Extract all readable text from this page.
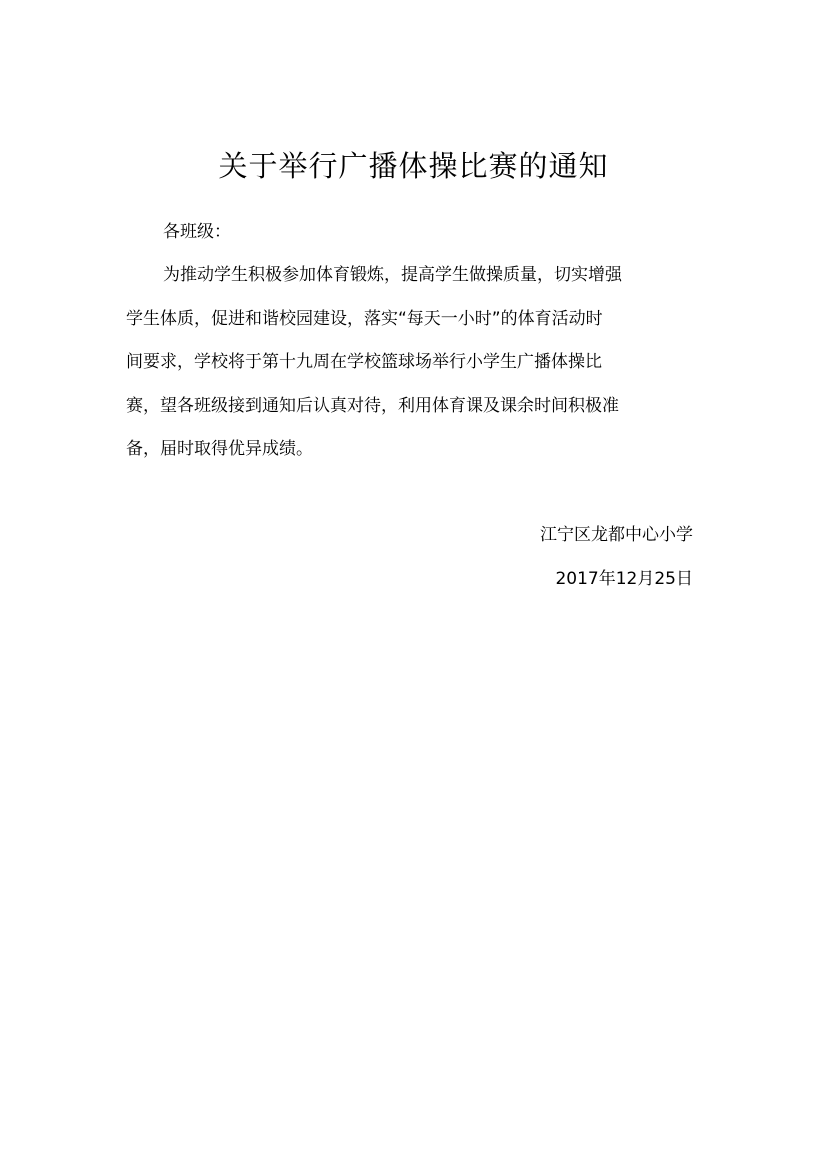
关于举行广播体操比赛的通知
各班级：
为推动学生积极参加体育锻炼，提高学生做操质量，切实增强
学生体质，促进和谐校园建设，落实“每天一小时”的体育活动时
间要求，学校将于第十九周在学校篮球场举行小学生广播体操比
赛，望各班级接到通知后认真对待，利用体育课及课余时间积极准
备，届时取得优异成绩。
江宁区龙都中心小学
2017年12月25日
